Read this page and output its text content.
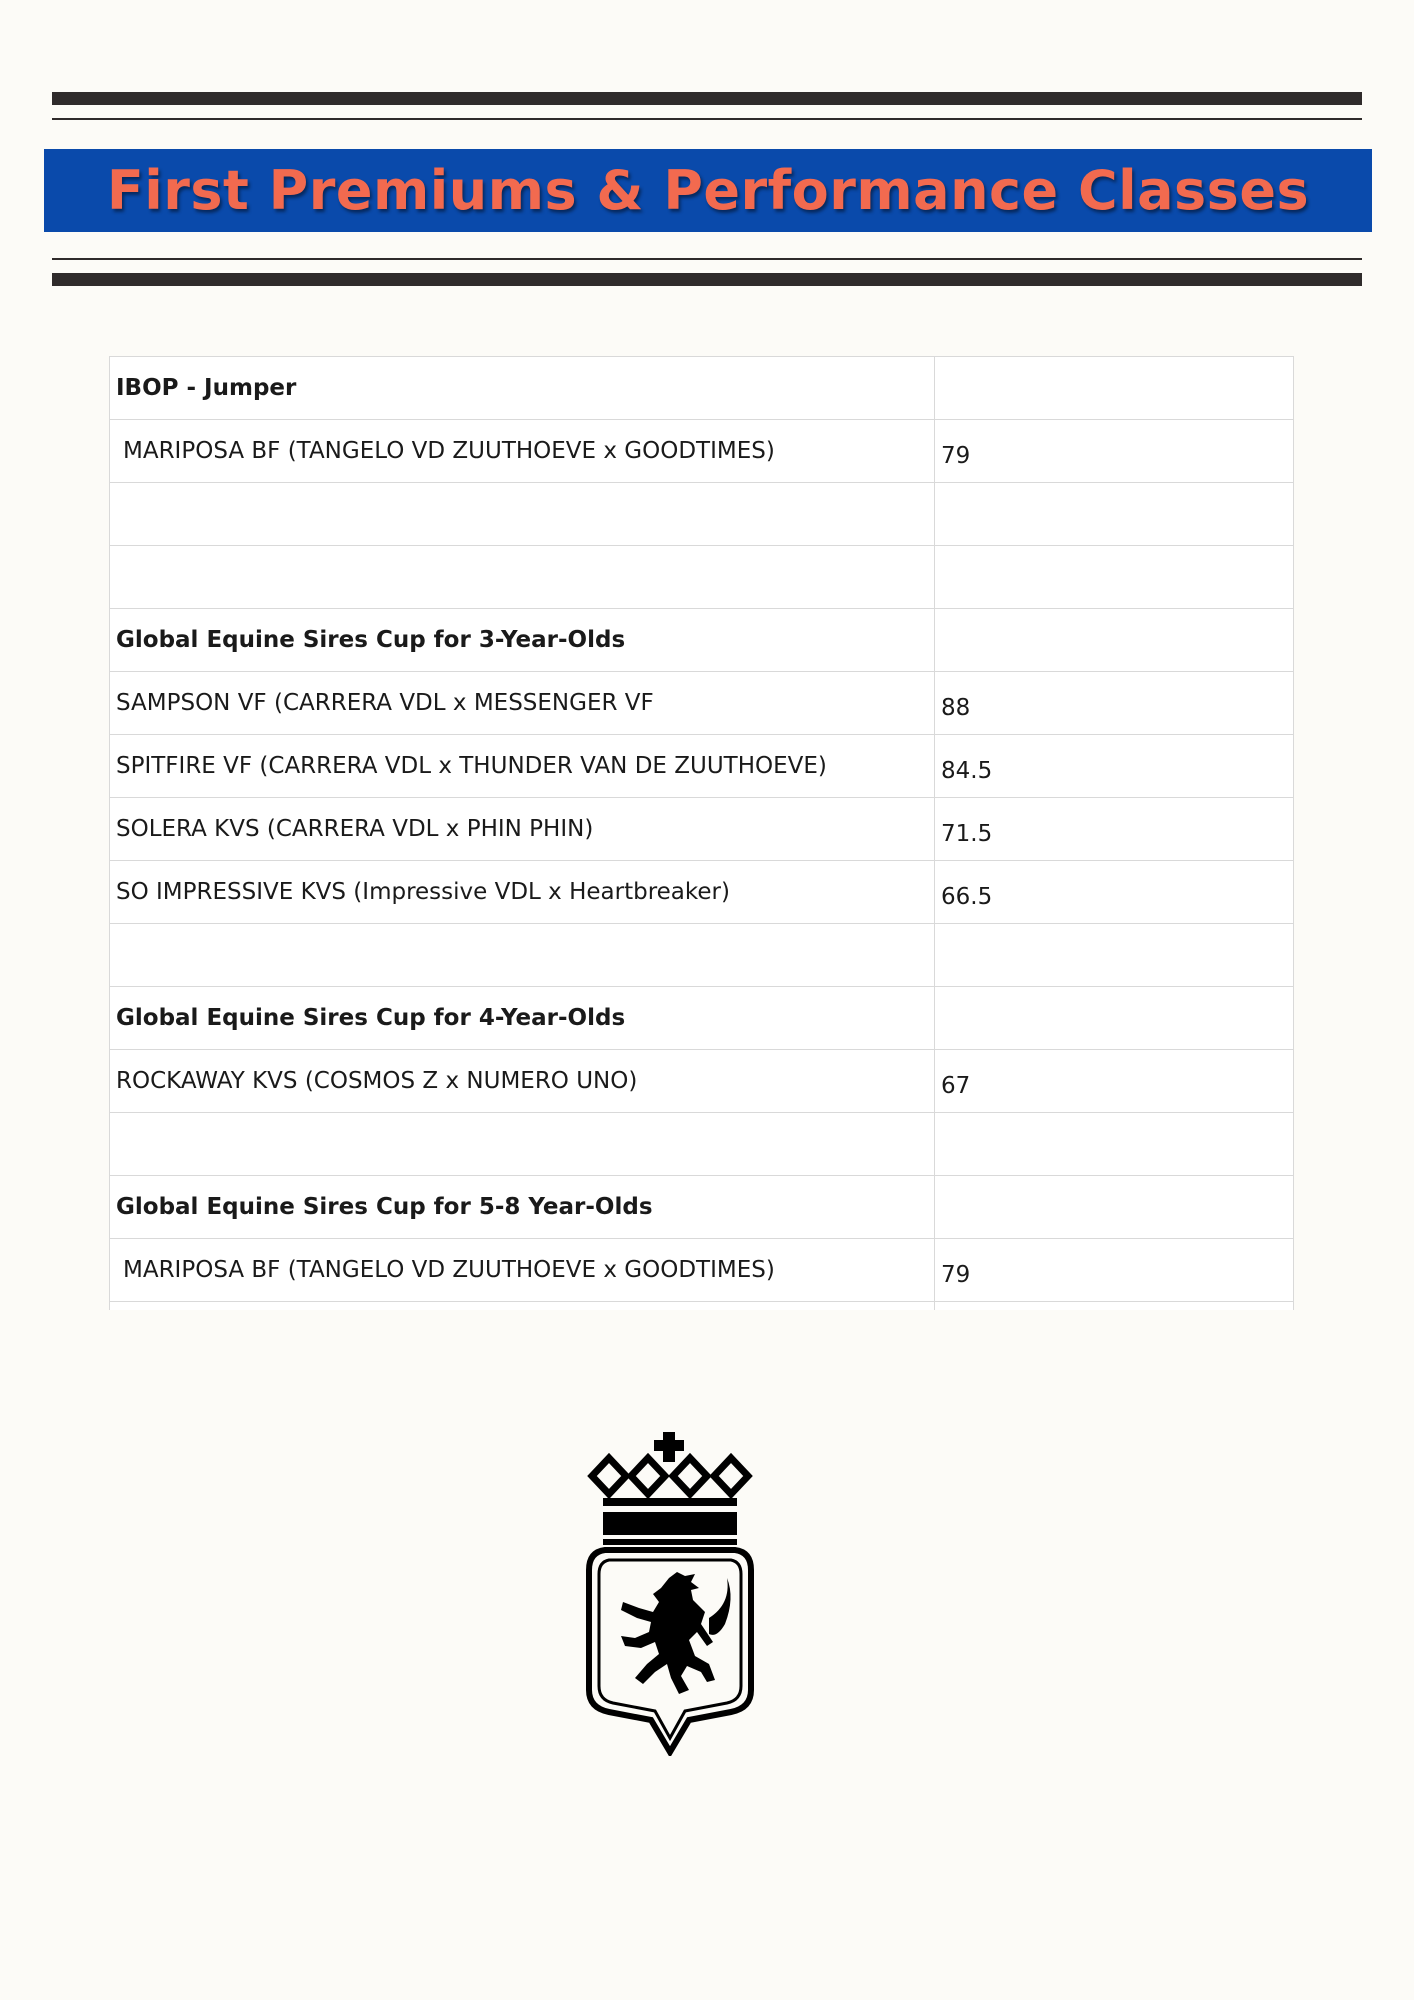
First Premiums & Performance Classes
IBOP - Jumper	
MARIPOSA BF (TANGELO VD ZUUTHOEVE x GOODTIMES)	79

Global Equine Sires Cup for 3-Year-Olds	
SAMPSON VF (CARRERA VDL x MESSENGER VF	88
SPITFIRE VF (CARRERA VDL x THUNDER VAN DE ZUUTHOEVE)	84.5
SOLERA KVS (CARRERA VDL x PHIN PHIN)	71.5
SO IMPRESSIVE KVS (Impressive VDL x Heartbreaker)	66.5

Global Equine Sires Cup for 4-Year-Olds	
ROCKAWAY KVS (COSMOS Z x NUMERO UNO)	67

Global Equine Sires Cup for 5-8 Year-Olds	
MARIPOSA BF (TANGELO VD ZUUTHOEVE x GOODTIMES)	79
